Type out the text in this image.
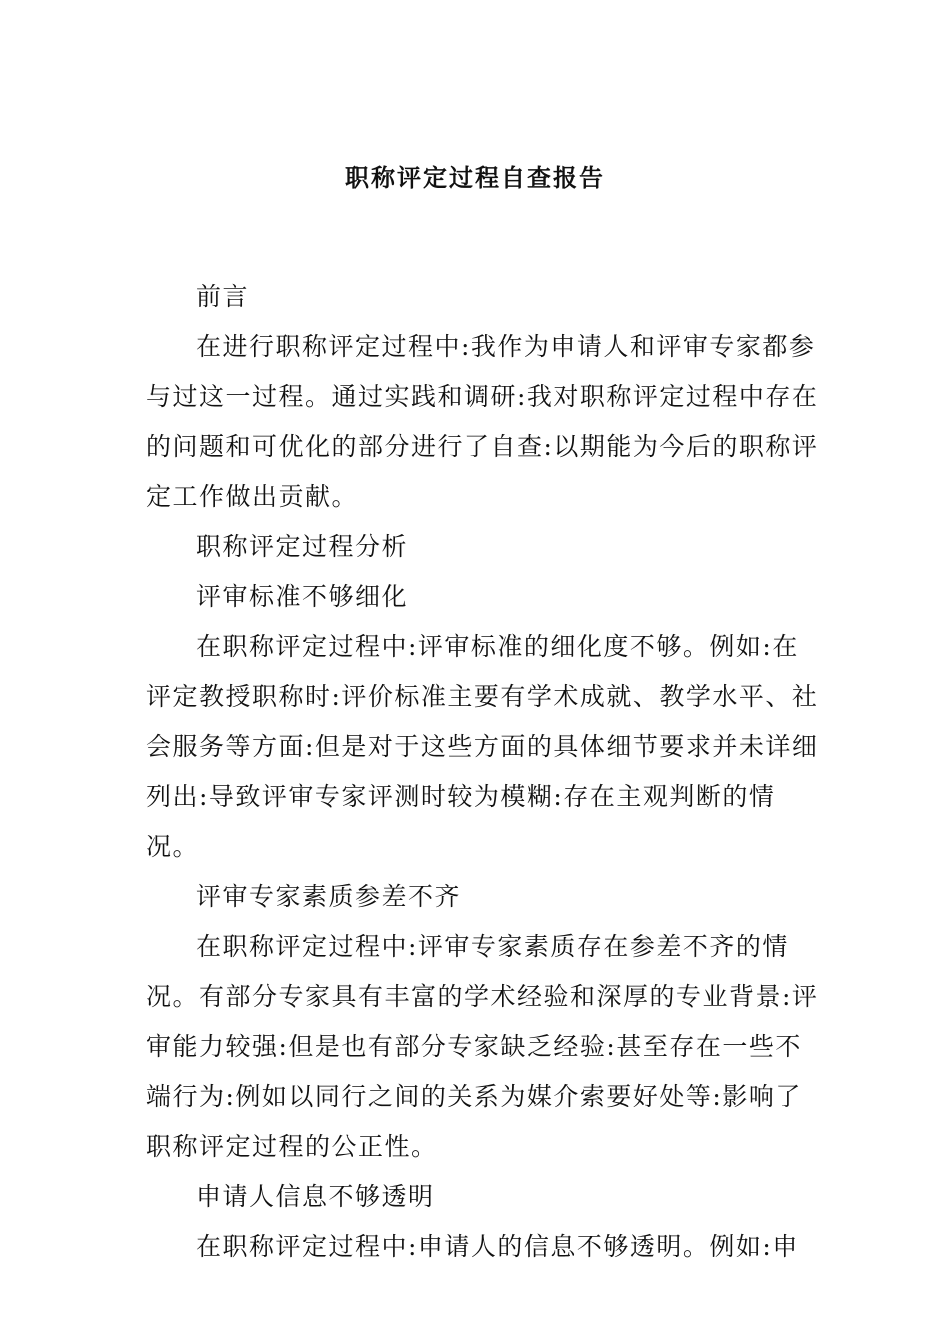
职称评定过程自查报告

前言

在进行职称评定过程中:我作为申请人和评审专家都参与过这一过程。通过实践和调研:我对职称评定过程中存在的问题和可优化的部分进行了自查:以期能为今后的职称评定工作做出贡献。

职称评定过程分析

评审标准不够细化

在职称评定过程中:评审标准的细化度不够。例如:在评定教授职称时:评价标准主要有学术成就、教学水平、社会服务等方面:但是对于这些方面的具体细节要求并未详细列出:导致评审专家评测时较为模糊:存在主观判断的情况。

评审专家素质参差不齐

在职称评定过程中:评审专家素质存在参差不齐的情况。有部分专家具有丰富的学术经验和深厚的专业背景:评审能力较强:但是也有部分专家缺乏经验:甚至存在一些不端行为:例如以同行之间的关系为媒介索要好处等:影响了职称评定过程的公正性。

申请人信息不够透明

在职称评定过程中:申请人的信息不够透明。例如:申
